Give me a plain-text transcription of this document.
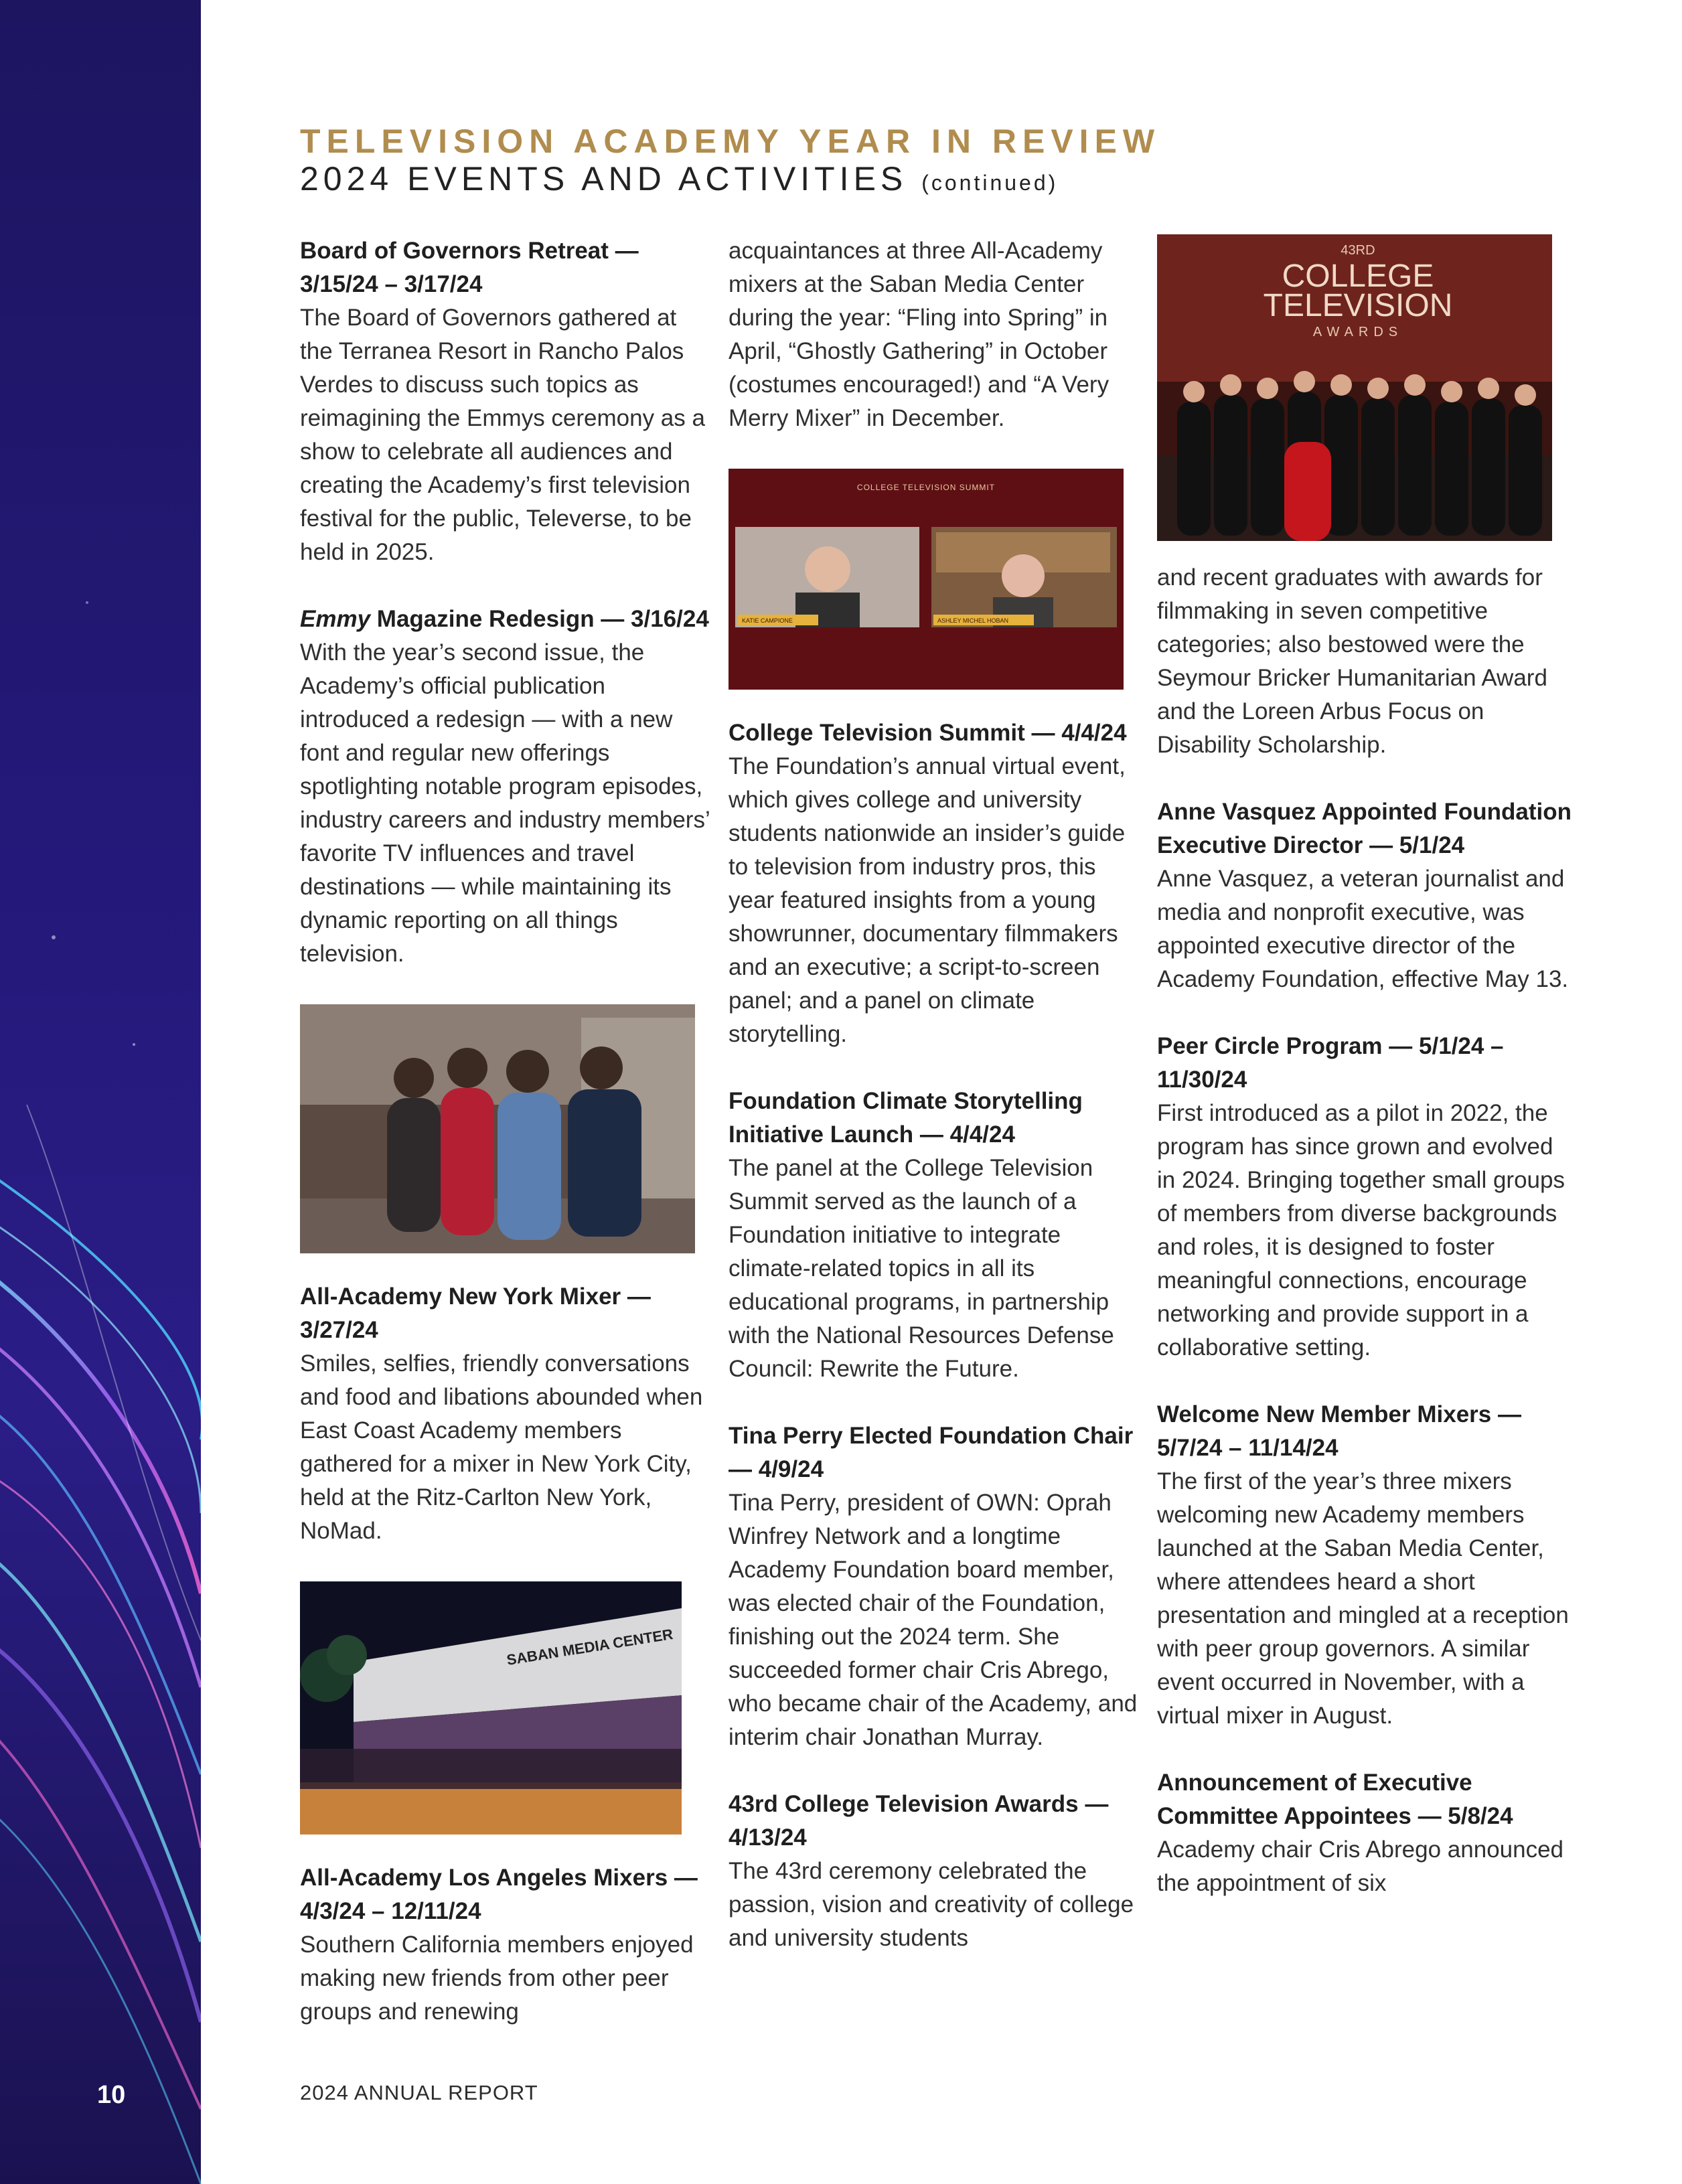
10	2024 ANNUAL REPORT
TELEVISION ACADEMY YEAR IN REVIEW
2024 EVENTS AND ACTIVITIES (continued)
Board of Governors Retreat — 3/15/24 – 3/17/24

The Board of Governors gathered at the Terranea Resort in Rancho Palos Verdes to discuss such topics as reimagining the Emmys ceremony as a show to celebrate all audiences and creating the Academy’s first television festival for the public, Televerse, to be held in 2025.

Emmy Magazine Redesign — 3/16/24

With the year’s second issue, the Academy’s official publication introduced a redesign — with a new font and regular new offerings spotlighting notable program episodes, industry careers and industry members’ favorite TV influences and travel destinations — while maintaining its dynamic reporting on all things television.

All-Academy New York Mixer — 3/27/24

Smiles, selfies, friendly conversations and food and libations abounded when East Coast Academy members gathered for a mixer in New York City, held at the Ritz-Carlton New York, NoMad.

SABAN MEDIA CENTER
All-Academy Los Angeles Mixers — 4/3/24 – 12/11/24

Southern California members enjoyed making new friends from other peer groups and renewing

acquaintances at three All-Academy mixers at the Saban Media Center during the year: “Fling into Spring” in April, “Ghostly Gathering” in October (costumes encouraged!) and “A Very Merry Mixer” in December.

COLLEGE TELEVISION SUMMIT
KATIE CAMPIONE	ASHLEY MICHEL HOBAN
College Television Summit — 4/4/24

The Foundation’s annual virtual event, which gives college and university students nationwide an insider’s guide to television from industry pros, this year featured insights from a young showrunner, documentary filmmakers and an executive; a script-to-screen panel; and a panel on climate storytelling.

Foundation Climate Storytelling Initiative Launch — 4/4/24

The panel at the College Television Summit served as the launch of a Foundation initiative to integrate climate-related topics in all its educational programs, in partnership with the National Resources Defense Council: Rewrite the Future.

Tina Perry Elected Foundation Chair — 4/9/24

Tina Perry, president of OWN: Oprah Winfrey Network and a longtime Academy Foundation board member, was elected chair of the Foundation, finishing out the 2024 term. She succeeded former chair Cris Abrego, who became chair of the Academy, and interim chair Jonathan Murray.

43rd College Television Awards — 4/13/24

The 43rd ceremony celebrated the passion, vision and creativity of college and university students

43RD
COLLEGE
TELEVISION
AWARDS

and recent graduates with awards for filmmaking in seven competitive categories; also bestowed were the Seymour Bricker Humanitarian Award and the Loreen Arbus Focus on Disability Scholarship.

Anne Vasquez Appointed Foundation Executive Director — 5/1/24

Anne Vasquez, a veteran journalist and media and nonprofit executive, was appointed executive director of the Academy Foundation, effective May 13.

Peer Circle Program — 5/1/24 – 11/30/24

First introduced as a pilot in 2022, the program has since grown and evolved in 2024. Bringing together small groups of members from diverse backgrounds and roles, it is designed to foster meaningful connections, encourage networking and provide support in a collaborative setting.

Welcome New Member Mixers — 5/7/24 – 11/14/24

The first of the year’s three mixers welcoming new Academy members launched at the Saban Media Center, where attendees heard a short presentation and mingled at a reception with peer group governors. A similar event occurred in November, with a virtual mixer in August.

Announcement of Executive Committee Appointees — 5/8/24

Academy chair Cris Abrego announced the appointment of six
